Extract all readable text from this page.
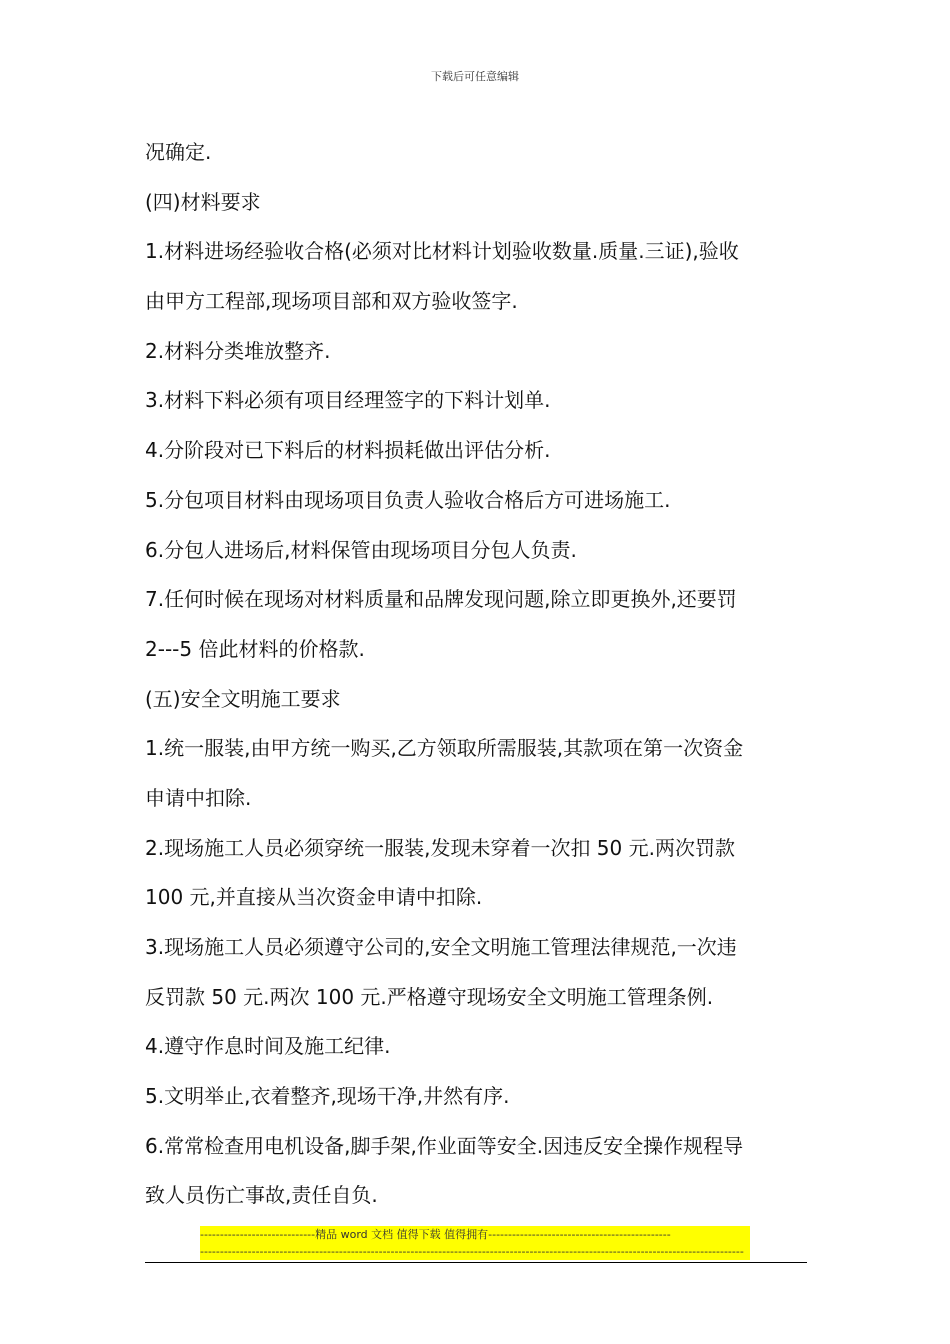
下载后可任意编辑
况确定.
(四)材料要求
1.材料进场经验收合格(必须对比材料计划验收数量.质量.三证),验收
由甲方工程部,现场项目部和双方验收签字.
2.材料分类堆放整齐.
3.材料下料必须有项目经理签字的下料计划单.
4.分阶段对已下料后的材料损耗做出评估分析.
5.分包项目材料由现场项目负责人验收合格后方可进场施工.
6.分包人进场后,材料保管由现场项目分包人负责.
7.任何时候在现场对材料质量和品牌发现问题,除立即更换外,还要罚
2---5 倍此材料的价格款.
(五)安全文明施工要求
1.统一服装,由甲方统一购买,乙方领取所需服装,其款项在第一次资金
申请中扣除.
2.现场施工人员必须穿统一服装,发现未穿着一次扣 50 元.两次罚款
100 元,并直接从当次资金申请中扣除.
3.现场施工人员必须遵守公司的,安全文明施工管理法律规范,一次违
反罚款 50 元.两次 100 元.严格遵守现场安全文明施工管理条例.
4.遵守作息时间及施工纪律.
5.文明举止,衣着整齐,现场干净,井然有序.
6.常常检查用电机设备,脚手架,作业面等安全.因违反安全操作规程导
致人员伤亡事故,责任自负.
-----------------------------精品 word 文档 值得下载 值得拥有----------------------------------------------
-----------------------------------------------------------------------------------------------------------------------------------------
